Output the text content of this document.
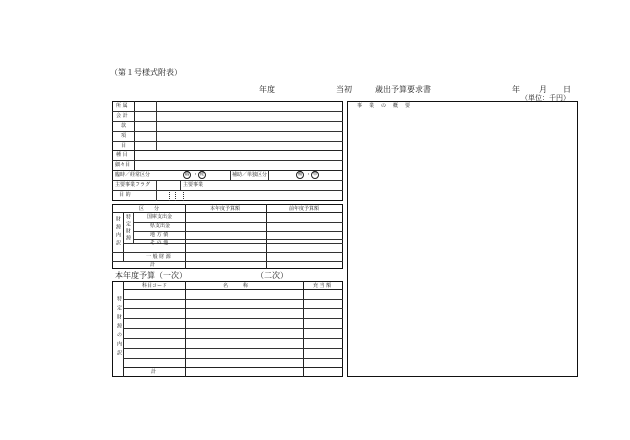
（第１号様式附表）
年度	当初	歳出予算要求書	年 月 日
（単位：千円）
所 属
会 計
款
項
目
種 目
細々目
臨時／経常区分	臨 ・ 経	補助／単独区分	補 ・ 単
主要事業フラグ	主要事業
目 的
区　　分	本年度予算額	前年度予算額
財源内訳 特定財源	国庫支出金
県支出金
地 方 債
そ の 他
一 般 財 源
計
本年度予算（一次）	（二次）
科目コード	名　　　称	充 当 額
特定財源の内訳
計
事　業　の　概　要
